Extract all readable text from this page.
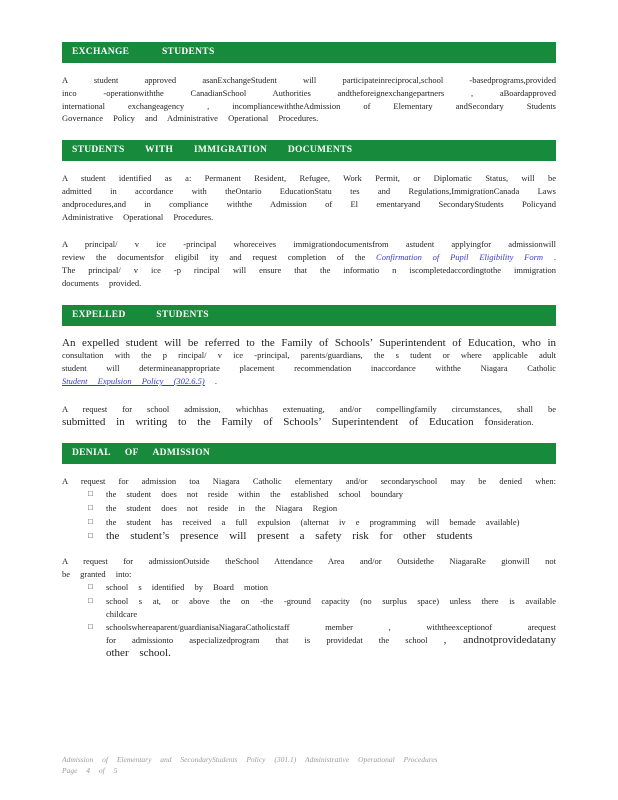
EXCHANGE STUDENTS
A student approved asanExchangeStudent will participateinreciprocal,school -basedprograms,provided
inco -operationwiththe CanadianSchool Authorities andtheforeignexchangepartners , aBoardapproved
international exchangeagency , incompliancewiththeAdmission of Elementary andSecondary Students
Governance Policy and Administrative Operational Procedures.
STUDENTS WITH IMMIGRATION DOCUMENTS
A student identified as a: Permanent Resident, Refugee, Work Permit, or Diplomatic Status, will be
admitted in accordance with theOntario EducationStatu tes and Regulations,ImmigrationCanada Laws
andprocedures,and in compliance withthe Admission of El ementaryand SecondaryStudents Policyand
Administrative Operational Procedures.
A principal/ v ice -principal whoreceives immigrationdocumentsfrom astudent applyingfor admissionwill
review the documentsfor eligibil ity and request completion of the Confirmation of Pupil Eligibility Form .
The principal/ v ice -p rincipal will ensure that the informatio n iscompletedaccordingtothe immigration
documents provided.
EXPELLED STUDENTS
An expelled student will be referred to the Family of Schools’ Superintendent of Education, who in
consultation with the p rincipal/ v ice -principal, parents/guardians, the s tudent or where applicable adult
student will determineanappropriate placement recommendation inaccordance withthe Niagara Catholic
Student Expulsion Policy (302.6.5) .
A request for school admission, whichhas extenuating, and/or compellingfamily circumstances, shall be
submitted in writing to the Family of Schools’ Superintendent of Education fonsideration.
DENIAL OF ADMISSION
A request for admission toa Niagara Catholic elementary and/or secondaryschool may be denied when:
□	the student does not reside within the established school boundary
□	the student does not reside in the Niagara Region
□	the student has received a full expulsion (alternat iv e programming will bemade available)
□	the student’s presence will present a safety risk for other students
A request for admissionOutside theSchool Attendance Area and/or Outsidethe NiagaraRe gionwill not
be granted into:
□	school s identified by Board motion
□	school s at, or above the on -the -ground capacity (no surplus space) unless there is available
childcare
□	schoolswhereaparent/guardianisaNiagaraCatholicstaff member , withtheexceptionof arequest
for admissionto aspecializedprogram that is providedat the school , andnotprovidedatany
other school.
Admission of Elementary and SecondaryStudents Policy (301.1) Administrative Operational Procedures
Page 4 of 5
